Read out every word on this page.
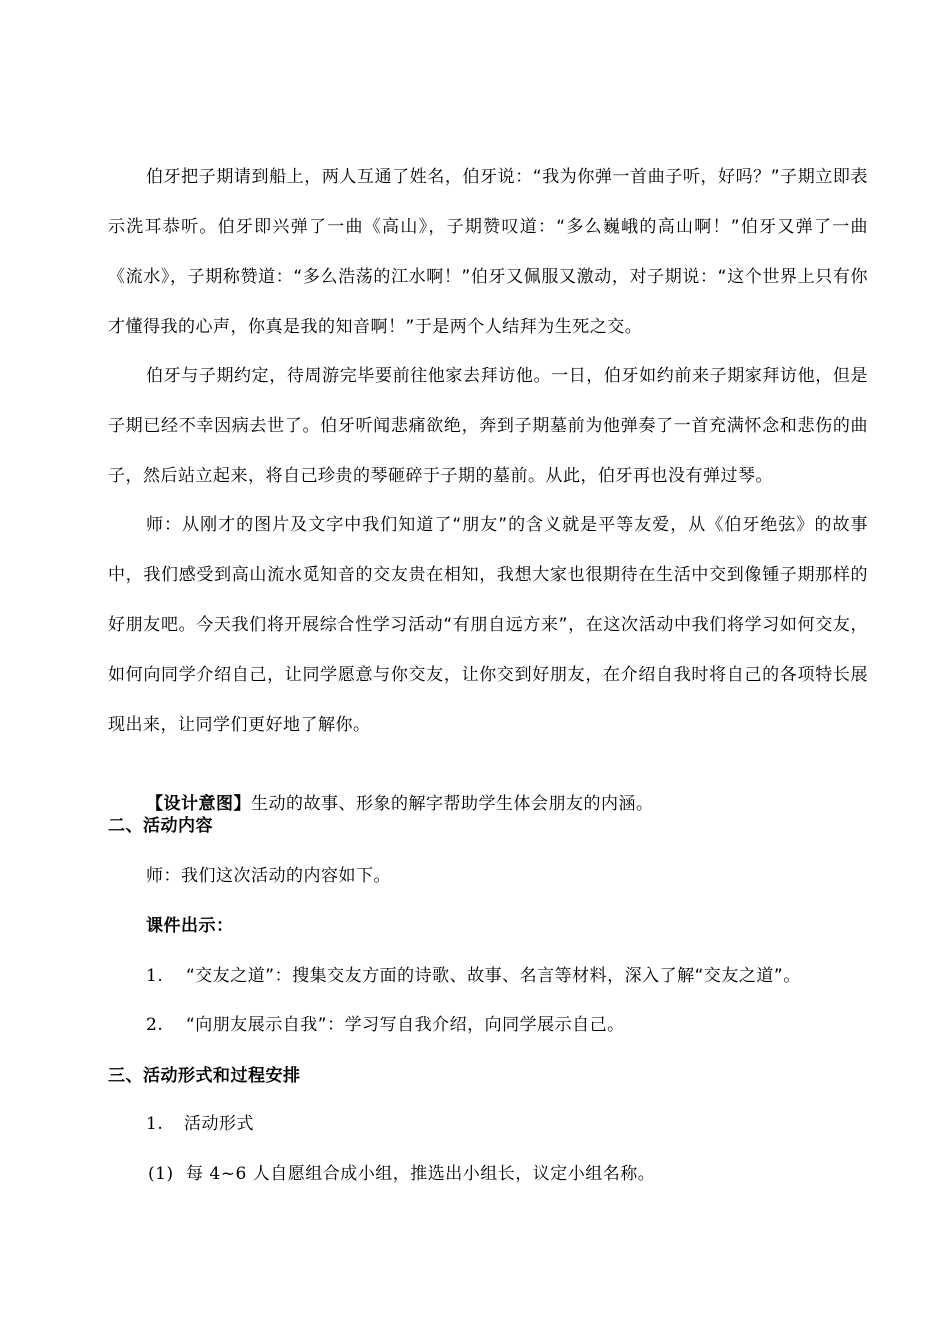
伯牙把子期请到船上，两人互通了姓名，伯牙说：“我为你弹一首曲子听，好吗？”子期立即表示洗耳恭听。伯牙即兴弹了一曲《高山》，子期赞叹道：“多么巍峨的高山啊！”伯牙又弹了一曲《流水》，子期称赞道：“多么浩荡的江水啊！”伯牙又佩服又激动，对子期说：“这个世界上只有你才懂得我的心声，你真是我的知音啊！”于是两个人结拜为生死之交。
伯牙与子期约定，待周游完毕要前往他家去拜访他。一日，伯牙如约前来子期家拜访他，但是子期已经不幸因病去世了。伯牙听闻悲痛欲绝，奔到子期墓前为他弹奏了一首充满怀念和悲伤的曲子，然后站立起来，将自己珍贵的琴砸碎于子期的墓前。从此，伯牙再也没有弹过琴。
师：从刚才的图片及文字中我们知道了“朋友”的含义就是平等友爱，从《伯牙绝弦》的故事中，我们感受到高山流水觅知音的交友贵在相知，我想大家也很期待在生活中交到像锺子期那样的好朋友吧。今天我们将开展综合性学习活动“有朋自远方来”，在这次活动中我们将学习如何交友，如何向同学介绍自己，让同学愿意与你交友，让你交到好朋友，在介绍自我时将自己的各项特长展现出来，让同学们更好地了解你。
【设计意图】生动的故事、形象的解字帮助学生体会朋友的内涵。
二、活动内容
师：我们这次活动的内容如下。
课件出示：
1. “交友之道”：搜集交友方面的诗歌、故事、名言等材料，深入了解“交友之道”。
2. “向朋友展示自我”：学习写自我介绍，向同学展示自己。
三、活动形式和过程安排
1. 活动形式
(1) 每 4~6 人自愿组合成小组，推选出小组长，议定小组名称。
